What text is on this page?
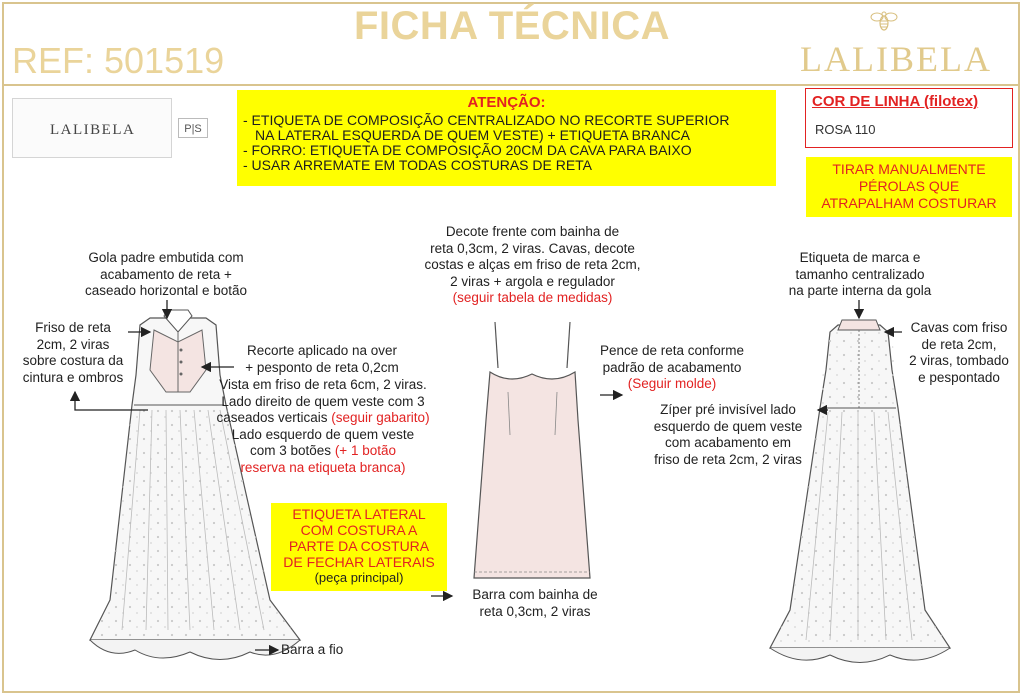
FICHA TÉCNICA
REF: 501519	LALIBELA
LALIBELA	P|S
ATENÇÃO:
- ETIQUETA DE COMPOSIÇÃO CENTRALIZADO NO RECORTE SUPERIOR
NA LATERAL ESQUERDA DE QUEM VESTE) + ETIQUETA BRANCA
- FORRO: ETIQUETA DE COMPOSIÇÃO 20CM DA CAVA PARA BAIXO
- USAR ARREMATE EM TODAS COSTURAS DE RETA
COR DE LINHA (filotex)
ROSA 110
TIRAR MANUALMENTE
PÉROLAS QUE
ATRAPALHAM COSTURAR
Gola padre embutida com
acabamento de reta +
caseado horizontal e botão
Friso de reta
2cm, 2 viras
sobre costura da
cintura e ombros
Recorte aplicado na over
+ pesponto de reta 0,2cm
Vista em friso de reta 6cm, 2 viras.
Lado direito de quem veste com 3
caseados verticais (seguir gabarito)
Lado esquerdo de quem veste
com 3 botões (+ 1 botão
reserva na etiqueta branca)
Barra a fio
ETIQUETA LATERAL
COM COSTURA A
PARTE DA COSTURA
DE FECHAR LATERAIS
(peça principal)
Decote frente com bainha de
reta 0,3cm, 2 viras. Cavas, decote
costas e alças em friso de reta 2cm,
2 viras + argola e regulador
(seguir tabela de medidas)
Pence de reta conforme
padrão de acabamento
(Seguir molde)
Barra com bainha de
reta 0,3cm, 2 viras
Etiqueta de marca e
tamanho centralizado
na parte interna da gola
Cavas com friso
de reta 2cm,
2 viras, tombado
e pespontado
Zíper pré invisível lado
esquerdo de quem veste
com acabamento em
friso de reta 2cm, 2 viras
